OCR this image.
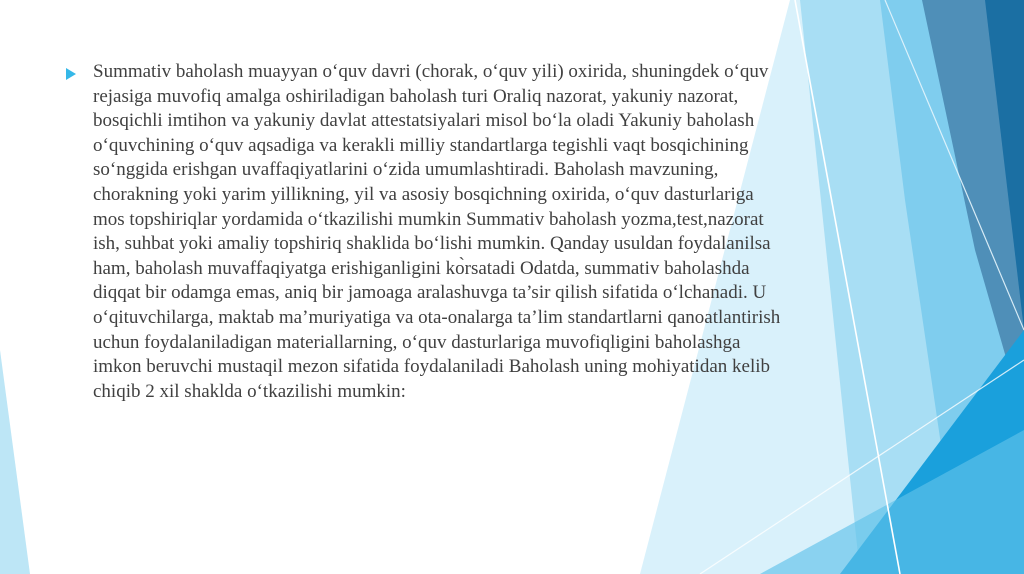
Summativ baholash muayyan o‘quv davri (chorak, o‘quv yili) oxirida, shuningdek o‘quv rejasiga muvofiq amalga oshiriladigan baholash turi Oraliq nazorat, yakuniy nazorat, bosqichli imtihon va yakuniy davlat attestatsiyalari misol bo‘la oladi Yakuniy baholash o‘quvchining o‘quv aqsadiga va kerakli milliy standartlarga tegishli vaqt bosqichining so‘nggida erishgan uvaffaqiyatlarini o‘zida umumlashtiradi. Baholash mavzuning, chorakning yoki yarim yillikning, yil va asosiy bosqichning oxirida, o‘quv dasturlariga mos topshiriqlar yordamida o‘tkazilishi mumkin Summativ baholash yozma,test,nazorat ish, suhbat yoki amaliy topshiriq shaklida bo‘lishi mumkin. Qanday usuldan foydalanilsa ham, baholash muvaffaqiyatga erishiganligini kо̀rsatadi Odatda, summativ baholashda diqqat bir odamga emas, aniq bir jamoaga aralashuvga ta’sir qilish sifatida o‘lchanadi. U o‘qituvchilarga, maktab ma’muriyatiga va ota-onalarga ta’lim standartlarni qanoatlantirish uchun foydalaniladigan materiallarning, o‘quv dasturlariga muvofiqligini baholashga imkon beruvchi mustaqil mezon sifatida foydalaniladi Baholash uning mohiyatidan kelib chiqib 2 xil shaklda o‘tkazilishi mumkin:
